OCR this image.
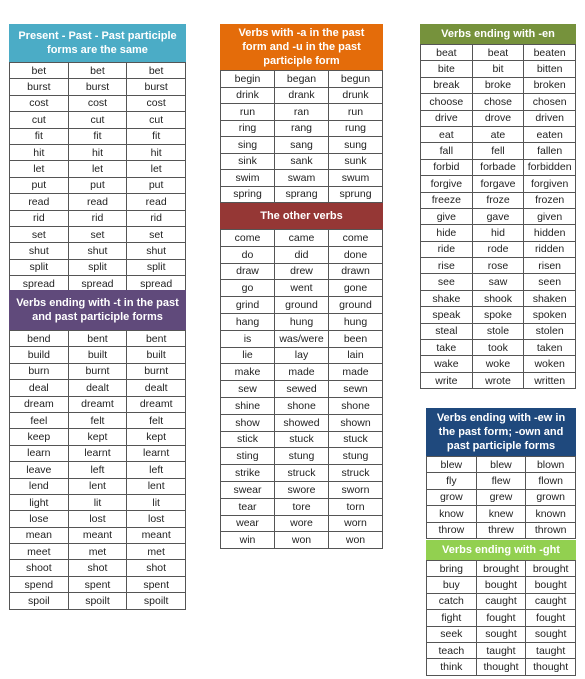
Present - Past - Past participle forms are the same
bet	bet	bet
burst	burst	burst
cost	cost	cost
cut	cut	cut
fit	fit	fit
hit	hit	hit
let	let	let
put	put	put
read	read	read
rid	rid	rid
set	set	set
shut	shut	shut
split	split	split
spread	spread	spread
Verbs ending with -t in the past and past participle forms
bend	bent	bent
build	built	built
burn	burnt	burnt
deal	dealt	dealt
dream	dreamt	dreamt
feel	felt	felt
keep	kept	kept
learn	learnt	learnt
leave	left	left
lend	lent	lent
light	lit	lit
lose	lost	lost
mean	meant	meant
meet	met	met
shoot	shot	shot
spend	spent	spent
spoil	spoilt	spoilt
Verbs with -a in the past form and -u in the past participle form
begin	began	begun
drink	drank	drunk
run	ran	run
ring	rang	rung
sing	sang	sung
sink	sank	sunk
swim	swam	swum
spring	sprang	sprung
The other verbs
come	came	come
do	did	done
draw	drew	drawn
go	went	gone
grind	ground	ground
hang	hung	hung
is	was/were	been
lie	lay	lain
make	made	made
sew	sewed	sewn
shine	shone	shone
show	showed	shown
stick	stuck	stuck
sting	stung	stung
strike	struck	struck
swear	swore	sworn
tear	tore	torn
wear	wore	worn
win	won	won
Verbs ending with -en
beat	beat	beaten
bite	bit	bitten
break	broke	broken
choose	chose	chosen
drive	drove	driven
eat	ate	eaten
fall	fell	fallen
forbid	forbade	forbidden
forgive	forgave	forgiven
freeze	froze	frozen
give	gave	given
hide	hid	hidden
ride	rode	ridden
rise	rose	risen
see	saw	seen
shake	shook	shaken
speak	spoke	spoken
steal	stole	stolen
take	took	taken
wake	woke	woken
write	wrote	written
Verbs ending with -ew in the past form; -own and past participle forms
blew	blew	blown
fly	flew	flown
grow	grew	grown
know	knew	known
throw	threw	thrown
Verbs ending with -ght
bring	brought	brought
buy	bought	bought
catch	caught	caught
fight	fought	fought
seek	sought	sought
teach	taught	taught
think	thought	thought
